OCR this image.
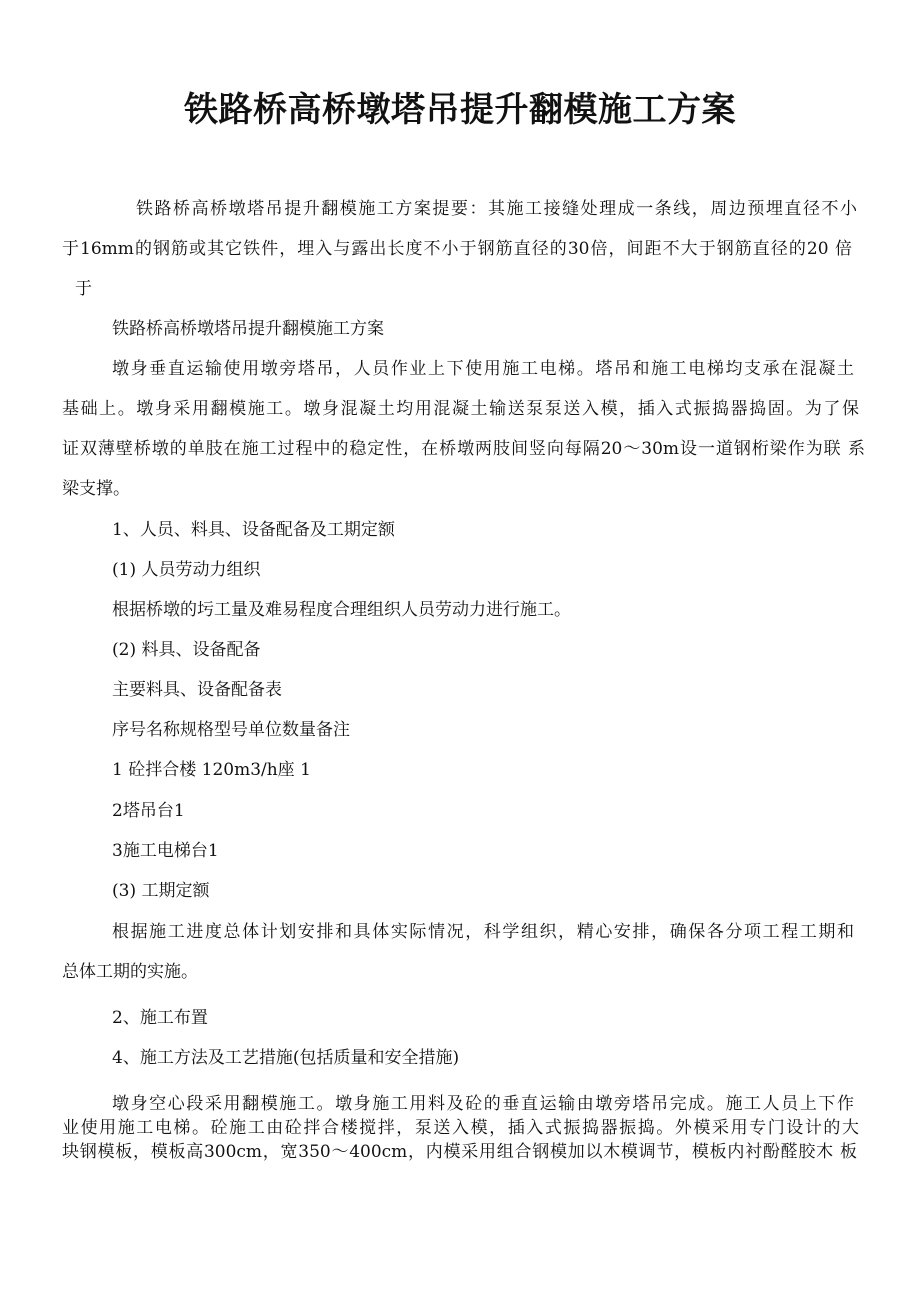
铁路桥高桥墩塔吊提升翻模施工方案
铁路桥高桥墩塔吊提升翻模施工方案提要：其施工接缝处理成一条线，周边预埋直径不小
于16mm的钢筋或其它铁件，埋入与露出长度不小于钢筋直径的30倍，间距不大于钢筋直径的20 倍
于
铁路桥高桥墩塔吊提升翻模施工方案
墩身垂直运输使用墩旁塔吊，人员作业上下使用施工电梯。塔吊和施工电梯均支承在混凝土
基础上。墩身采用翻模施工。墩身混凝土均用混凝土输送泵泵送入模，插入式振捣器捣固。为了保
证双薄壁桥墩的单肢在施工过程中的稳定性，在桥墩两肢间竖向每隔20～30m设一道钢桁梁作为联 系
梁支撑。
1、人员、料具、设备配备及工期定额
(1) 人员劳动力组织
根据桥墩的圬工量及难易程度合理组织人员劳动力进行施工。
(2) 料具、设备配备
主要料具、设备配备表
序号名称规格型号单位数量备注
1 砼拌合楼 120m3/h座 1
2塔吊台1
3施工电梯台1
(3) 工期定额
根据施工进度总体计划安排和具体实际情况，科学组织，精心安排，确保各分项工程工期和
总体工期的实施。
2、施工布置
4、施工方法及工艺措施(包括质量和安全措施)
墩身空心段采用翻模施工。墩身施工用料及砼的垂直运输由墩旁塔吊完成。施工人员上下作
业使用施工电梯。砼施工由砼拌合楼搅拌，泵送入模，插入式振捣器振捣。外模采用专门设计的大
块钢模板，模板高300cm，宽350～400cm，内模采用组合钢模加以木模调节，模板内衬酚醛胶木 板
